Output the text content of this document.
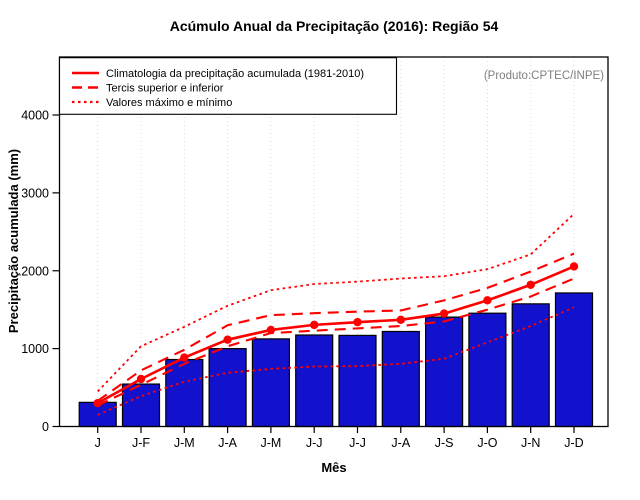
J J-F J-M J-A J-M J-J J-J J-A J-S J-O J-N J-D
0
1000
2000
3000
4000
Acúmulo Anual da Precipitação (2016): Região 54
Mês
Precipitação acumulada (mm)
(Produto:CPTEC/INPE)
Climatologia da precipitação acumulada (1981-2010)
Tercis superior e inferior
Valores máximo e mínimo
